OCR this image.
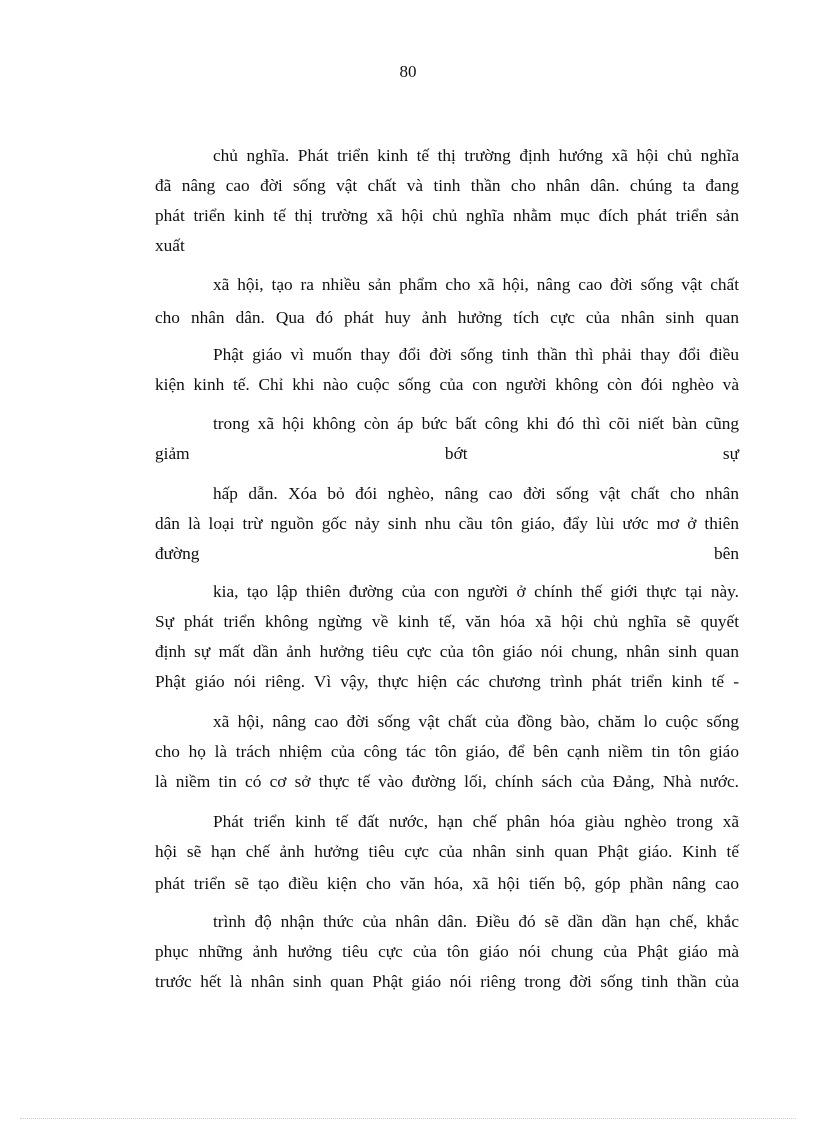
80
chủ nghĩa. Phát triển kinh tế thị trường định hướng xã hội chủ nghĩa
đã nâng cao đời sống vật chất và tinh thần cho nhân dân. chúng ta đang
phát triển kinh tế thị trường xã hội chủ nghĩa nhằm mục đích phát triển sản
xuất
xã hội, tạo ra nhiều sản phẩm cho xã hội, nâng cao đời sống vật chất
cho nhân dân. Qua đó phát huy ảnh hưởng tích cực của nhân sinh quan
Phật giáo vì muốn thay đổi đời sống tinh thần thì phải thay đổi điều
kiện kinh tế. Chỉ khi nào cuộc sống của con người không còn đói nghèo và
trong xã hội không còn áp bức bất công khi đó thì cõi niết bàn cũng
giảm bớt sự
hấp dẫn. Xóa bỏ đói nghèo, nâng cao đời sống vật chất cho nhân
dân là loại trừ nguồn gốc nảy sinh nhu cầu tôn giáo, đẩy lùi ước mơ ở thiên
đường bên
kia, tạo lập thiên đường của con người ở chính thế giới thực tại này.
Sự phát triển không ngừng về kinh tế, văn hóa xã hội chủ nghĩa sẽ quyết
định sự mất dần ảnh hưởng tiêu cực của tôn giáo nói chung, nhân sinh quan
Phật giáo nói riêng. Vì vậy, thực hiện các chương trình phát triển kinh tế -
xã hội, nâng cao đời sống vật chất của đồng bào, chăm lo cuộc sống
cho họ là trách nhiệm của công tác tôn giáo, để bên cạnh niềm tin tôn giáo
là niềm tin có cơ sở thực tế vào đường lối, chính sách của Đảng, Nhà nước.
Phát triển kinh tế đất nước, hạn chế phân hóa giàu nghèo trong xã
hội sẽ hạn chế ảnh hưởng tiêu cực của nhân sinh quan Phật giáo. Kinh tế
phát triển sẽ tạo điều kiện cho văn hóa, xã hội tiến bộ, góp phần nâng cao
trình độ nhận thức của nhân dân. Điều đó sẽ dần dần hạn chế, khắc
phục những ảnh hưởng tiêu cực của tôn giáo nói chung của Phật giáo mà
trước hết là nhân sinh quan Phật giáo nói riêng trong đời sống tinh thần của
